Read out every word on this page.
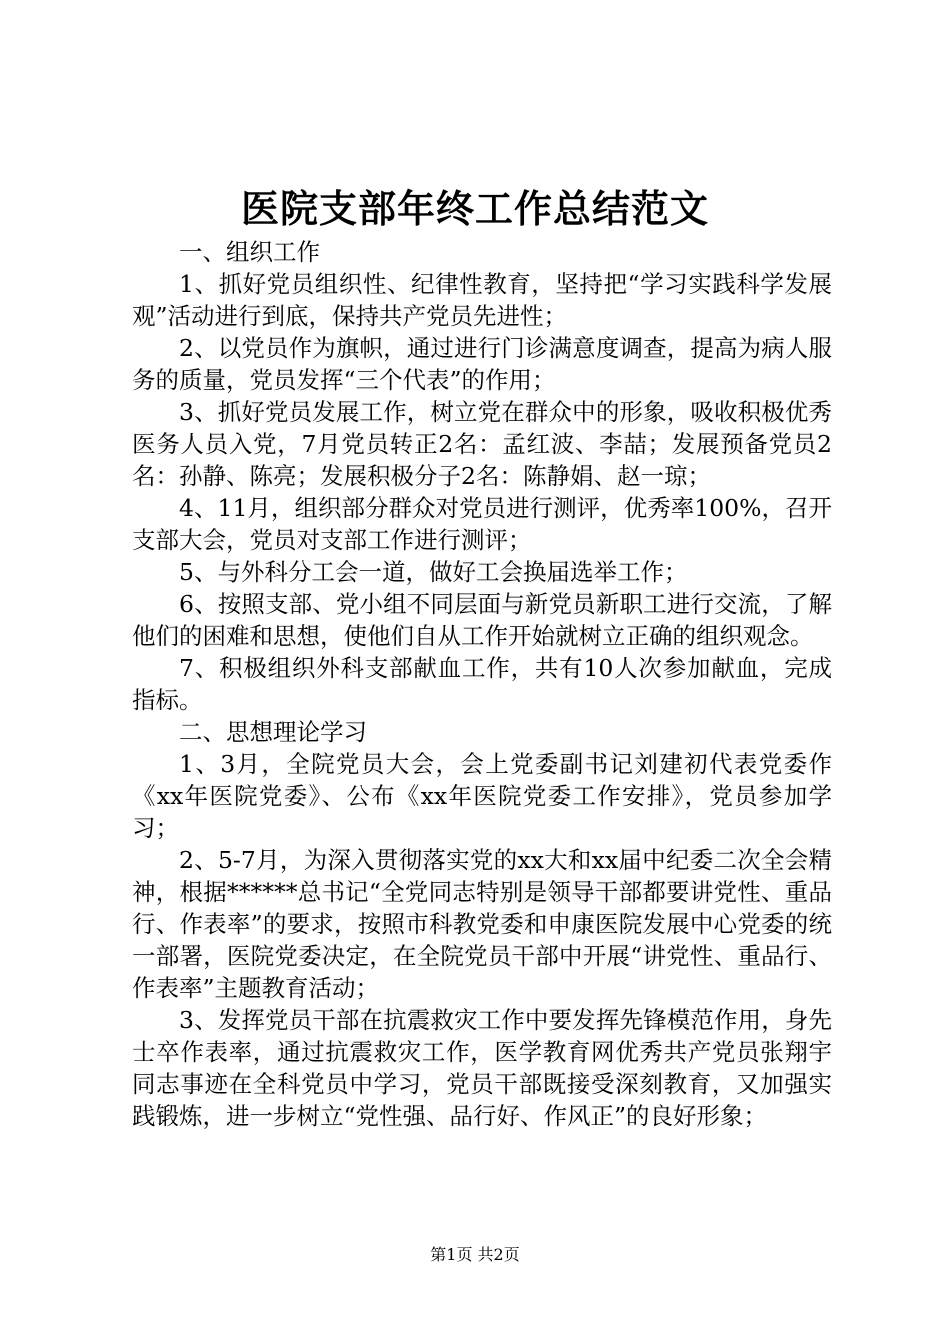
医院支部年终工作总结范文

一、组织工作

1、抓好党员组织性、纪律性教育，坚持把“学习实践科学发展观”活动进行到底，保持共产党员先进性；

2、以党员作为旗帜，通过进行门诊满意度调查，提高为病人服务的质量，党员发挥“三个代表”的作用；

3、抓好党员发展工作，树立党在群众中的形象，吸收积极优秀医务人员入党，7月党员转正2名：孟红波、李喆；发展预备党员2名：孙静、陈亮；发展积极分子2名：陈静娟、赵一琼；

4、11月，组织部分群众对党员进行测评，优秀率100%，召开支部大会，党员对支部工作进行测评；

5、与外科分工会一道，做好工会换届选举工作；

6、按照支部、党小组不同层面与新党员新职工进行交流，了解他们的困难和思想，使他们自从工作开始就树立正确的组织观念。

7、积极组织外科支部献血工作，共有10人次参加献血，完成指标。

二、思想理论学习

1、3月，全院党员大会，会上党委副书记刘建初代表党委作《xx年医院党委》、公布《xx年医院党委工作安排》，党员参加学习；

2、5-7月，为深入贯彻落实党的xx大和xx届中纪委二次全会精神，根据******总书记“全党同志特别是领导干部都要讲党性、重品行、作表率”的要求，按照市科教党委和申康医院发展中心党委的统一部署，医院党委决定，在全院党员干部中开展“讲党性、重品行、作表率”主题教育活动；

3、发挥党员干部在抗震救灾工作中要发挥先锋模范作用，身先士卒作表率，通过抗震救灾工作，医学教育网优秀共产党员张翔宇同志事迹在全科党员中学习，党员干部既接受深刻教育，又加强实践锻炼，进一步树立“党性强、品行好、作风正”的良好形象；

第1页 共2页
